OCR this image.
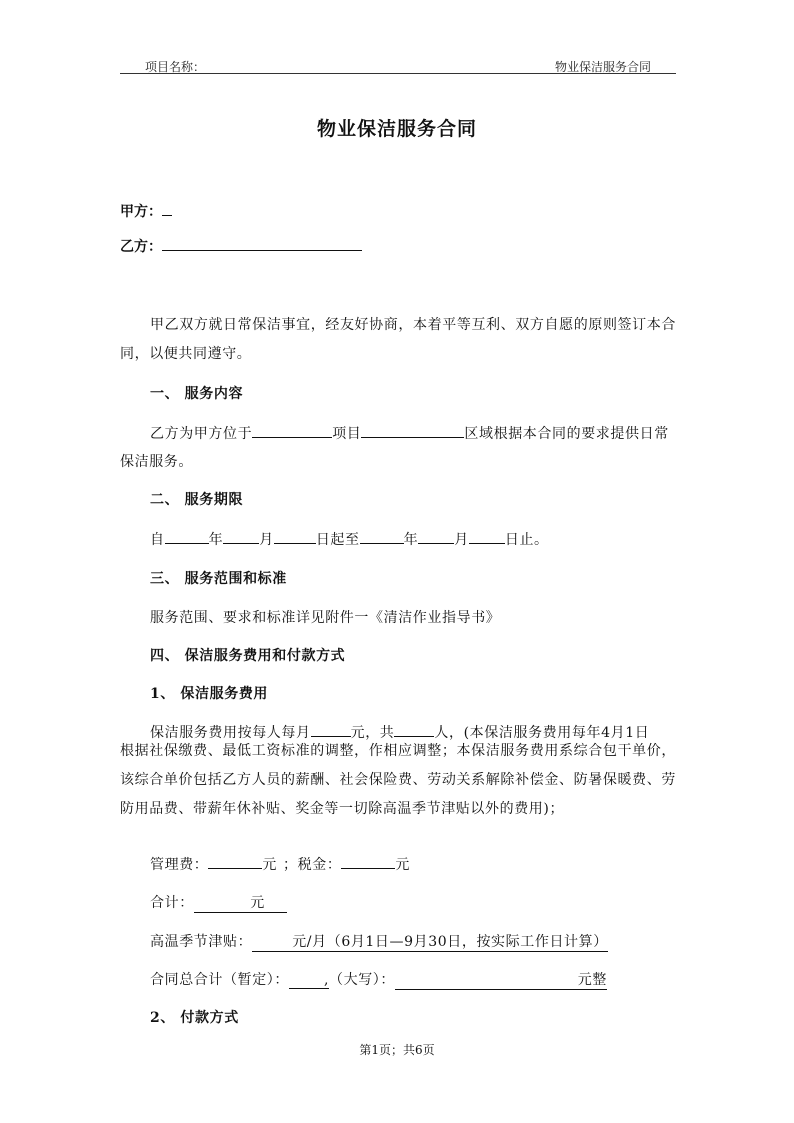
项目名称：	物业保洁服务合同
物业保洁服务合同
甲方：
乙方：
甲乙双方就日常保洁事宜，经友好协商，本着平等互利、双方自愿的原则签订本合同，以便共同遵守。
一、 服务内容
乙方为甲方位于	项目	区域根据本合同的要求提供日常
保洁服务。
二、 服务期限
自	年	月	日起至	年	月	日止。
三、 服务范围和标准
服务范围、要求和标准详见附件一《清洁作业指导书》
四、 保洁服务费用和付款方式
1、 保洁服务费用
保洁服务费用按每人每月	元，共	人，(本保洁服务费用每年4月1日
根据社保缴费、最低工资标准的调整，作相应调整；本保洁服务费用系综合包干单价，该综合单价包括乙方人员的薪酬、社会保险费、劳动关系解除补偿金、防暑保暖费、劳防用品费、带薪年休补贴、奖金等一切除高温季节津贴以外的费用)；
管理费：	元 ；税金：	元
合计：	元
高温季节津贴：	元/月（6月1日—9月30日，按实际工作日计算）
合同总合计（暂定）： ,（大写）：	元整
2、 付款方式
第1页；共6页
